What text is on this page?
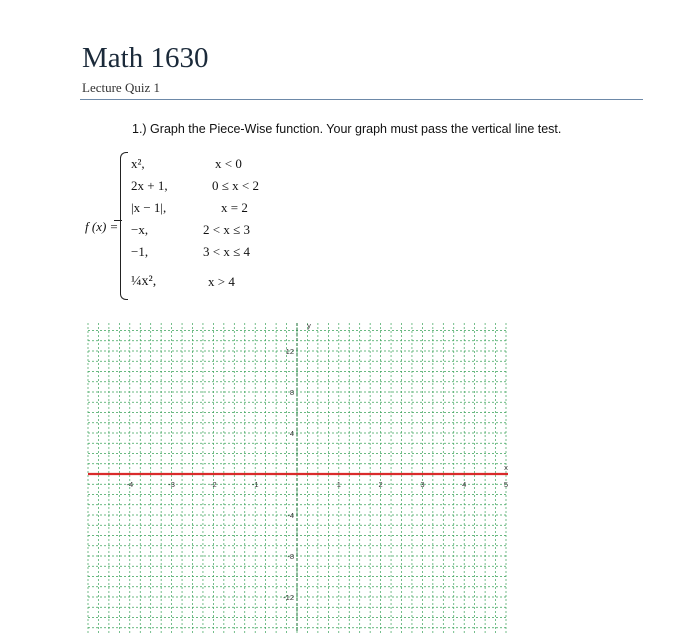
Math 1630
Lecture Quiz 1
1.) Graph the Piece-Wise function. Your graph must pass the vertical line test.
f (x) =
x²,	x < 0
2x + 1,	0 ≤ x < 2
|x − 1|,	x = 2
−x,	2 < x ≤ 3
−1,	3 < x ≤ 4
¼x²,	x > 4
-4	-3	-2	-1	1	2	3	4	5
12
8
4
-4
-8
-12
y
x
